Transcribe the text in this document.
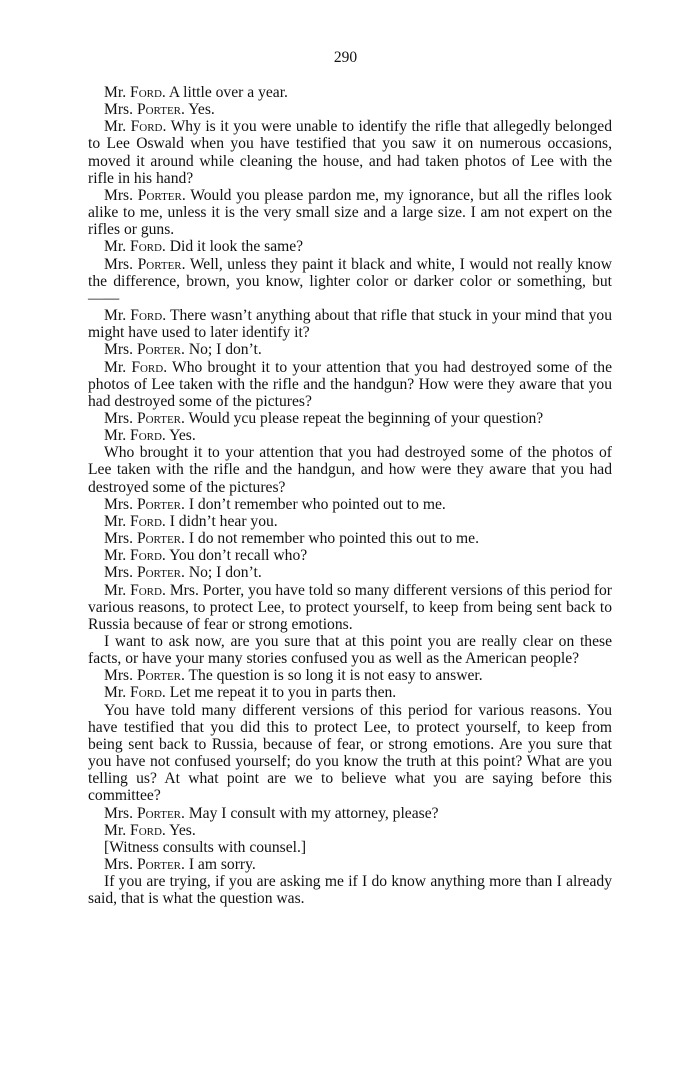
290

Mr. Ford. A little over a year.

Mrs. Porter. Yes.

Mr. Ford. Why is it you were unable to identify the rifle that allegedly belonged to Lee Oswald when you have testified that you saw it on numerous occasions, moved it around while cleaning the house, and had taken photos of Lee with the rifle in his hand?

Mrs. Porter. Would you please pardon me, my ignorance, but all the rifles look alike to me, unless it is the very small size and a large size. I am not expert on the rifles or guns.

Mr. Ford. Did it look the same?

Mrs. Porter. Well, unless they paint it black and white, I would not really know the difference, brown, you know, lighter color or darker color or something, but——

Mr. Ford. There wasn’t anything about that rifle that stuck in your mind that you might have used to later identify it?

Mrs. Porter. No; I don’t.

Mr. Ford. Who brought it to your attention that you had destroyed some of the photos of Lee taken with the rifle and the handgun? How were they aware that you had destroyed some of the pictures?

Mrs. Porter. Would ycu please repeat the beginning of your question?

Mr. Ford. Yes.

Who brought it to your attention that you had destroyed some of the photos of Lee taken with the rifle and the handgun, and how were they aware that you had destroyed some of the pictures?

Mrs. Porter. I don’t remember who pointed out to me.

Mr. Ford. I didn’t hear you.

Mrs. Porter. I do not remember who pointed this out to me.

Mr. Ford. You don’t recall who?

Mrs. Porter. No; I don’t.

Mr. Ford. Mrs. Porter, you have told so many different versions of this period for various reasons, to protect Lee, to protect yourself, to keep from being sent back to Russia because of fear or strong emotions.

I want to ask now, are you sure that at this point you are really clear on these facts, or have your many stories confused you as well as the American people?

Mrs. Porter. The question is so long it is not easy to answer.

Mr. Ford. Let me repeat it to you in parts then.

You have told many different versions of this period for various reasons. You have testified that you did this to protect Lee, to protect yourself, to keep from being sent back to Russia, because of fear, or strong emotions. Are you sure that you have not confused yourself; do you know the truth at this point? What are you telling us? At what point are we to believe what you are saying before this committee?

Mrs. Porter. May I consult with my attorney, please?

Mr. Ford. Yes.

[Witness consults with counsel.]

Mrs. Porter. I am sorry.

If you are trying, if you are asking me if I do know anything more than I already said, that is what the question was.
